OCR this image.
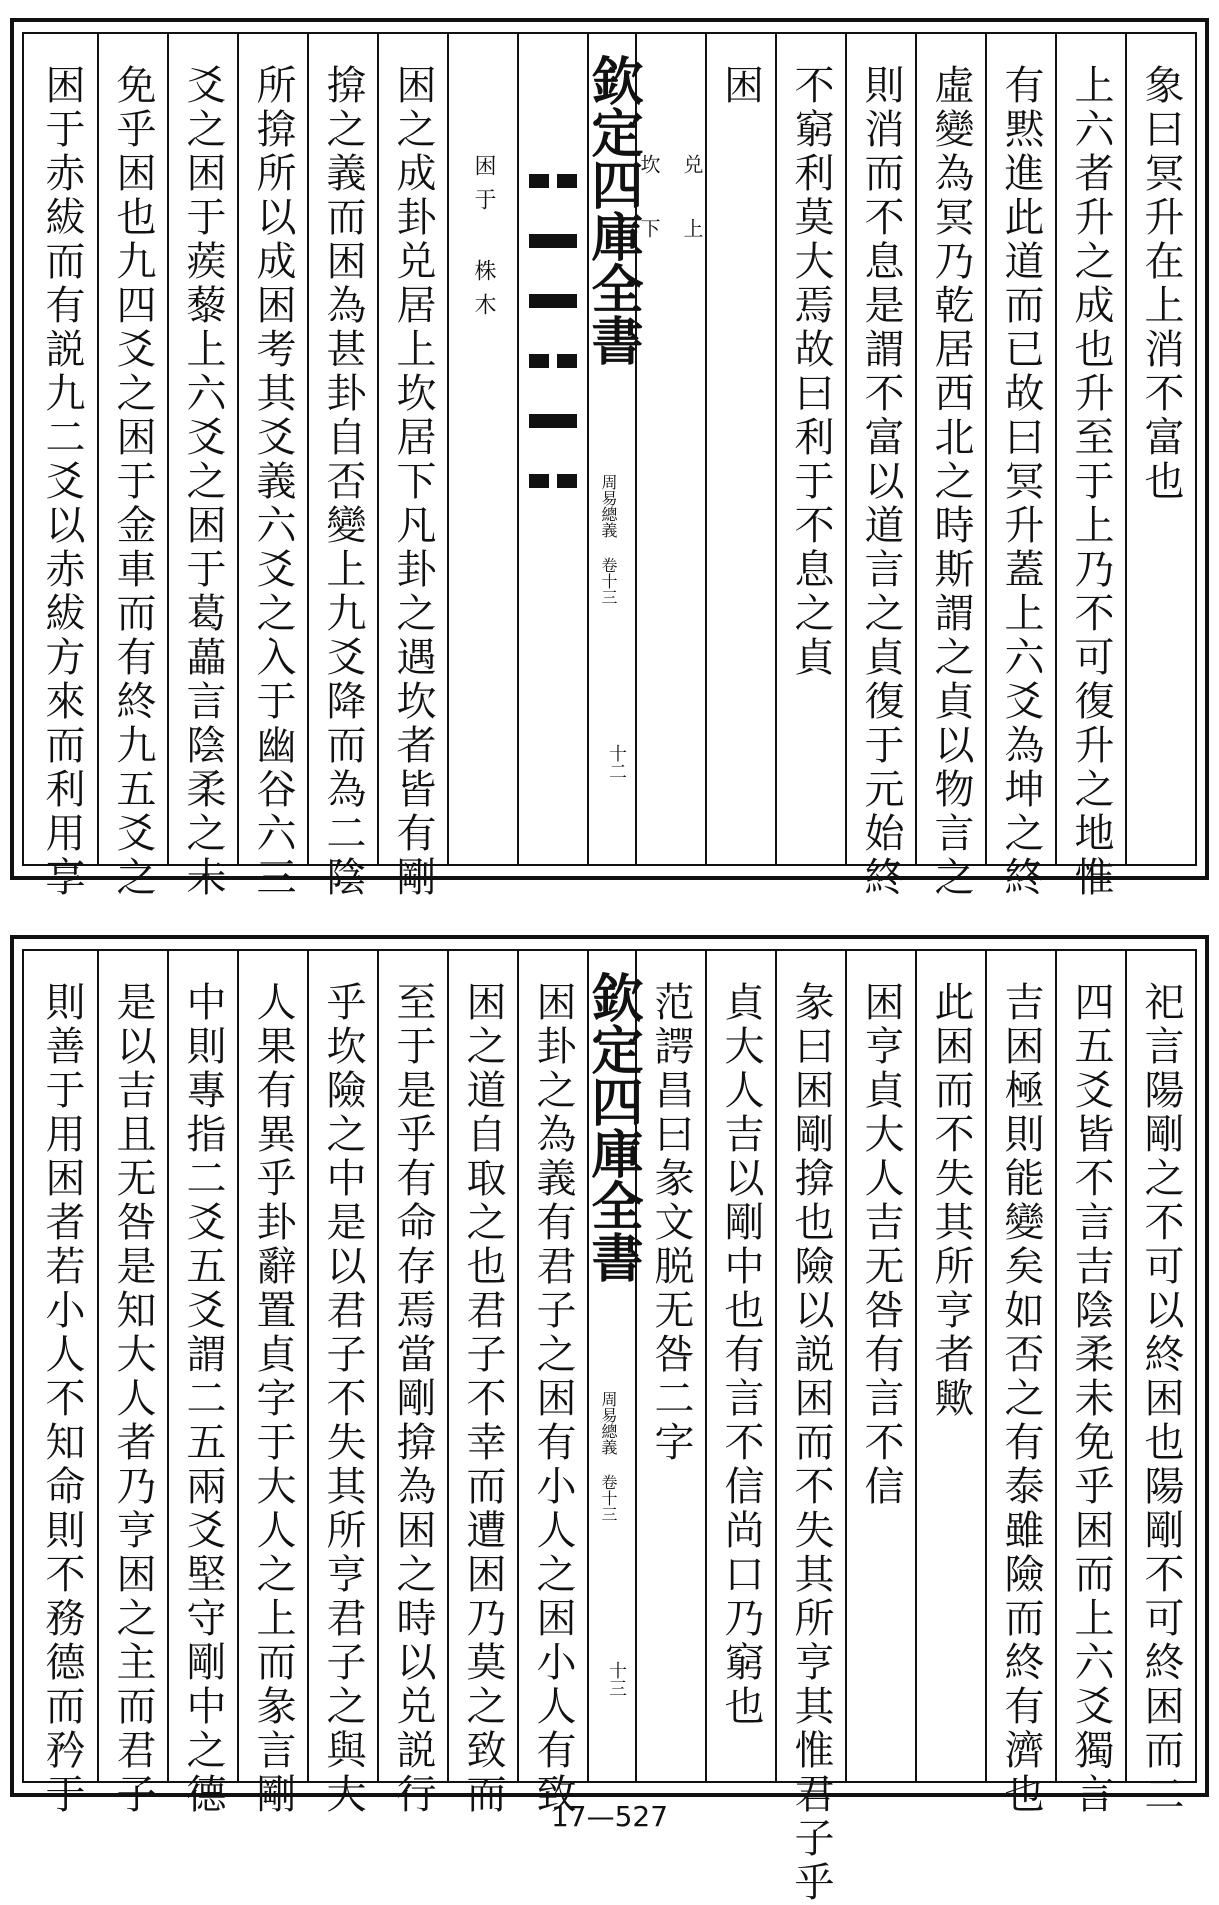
象曰冥升在上消不富也
上六者升之成也升至于上乃不可復升之地惟
有黙進此道而已故曰冥升蓋上六爻為坤之終
虛變為冥乃乾居西北之時斯謂之貞以物言之
則消而不息是謂不富以道言之貞復于元始終
不窮利莫大焉故曰利于不息之貞
困
兑 上
坎 下
欽定四庫全書
周易總義 卷十三
十二
困于 株木
困之成卦兑居上坎居下凡卦之遇坎者皆有剛
揜之義而困為甚卦自否變上九爻降而為二陰
所揜所以成困考其爻義六爻之入于幽谷六三
爻之困于蒺藜上六爻之困于葛藟言陰柔之未
免乎困也九四爻之困于金車而有終九五爻之
困于赤紱而有説九二爻以赤紱方來而利用享
祀言陽剛之不可以終困也陽剛不可終困而二
四五爻皆不言吉陰柔未免乎困而上六爻獨言
吉困極則能變矣如否之有泰雖險而終有濟也
此困而不失其所亨者歟
困亨貞大人吉无咎有言不信
彖曰困剛揜也險以説困而不失其所亨其惟君子乎
貞大人吉以剛中也有言不信尚口乃窮也
范諤昌曰彖文脱无咎二字
欽定四庫全書
周易總義 卷十三
十三
困卦之為義有君子之困有小人之困小人有致
困之道自取之也君子不幸而遭困乃莫之致而
至于是乎有命存焉當剛揜為困之時以兑説行
乎坎險之中是以君子不失其所亨君子之與大
人果有異乎卦辭置貞字于大人之上而彖言剛
中則專指二爻五爻謂二五兩爻堅守剛中之德
是以吉且无咎是知大人者乃亨困之主而君子
則善于用困者若小人不知命則不務德而矜于	17—527
